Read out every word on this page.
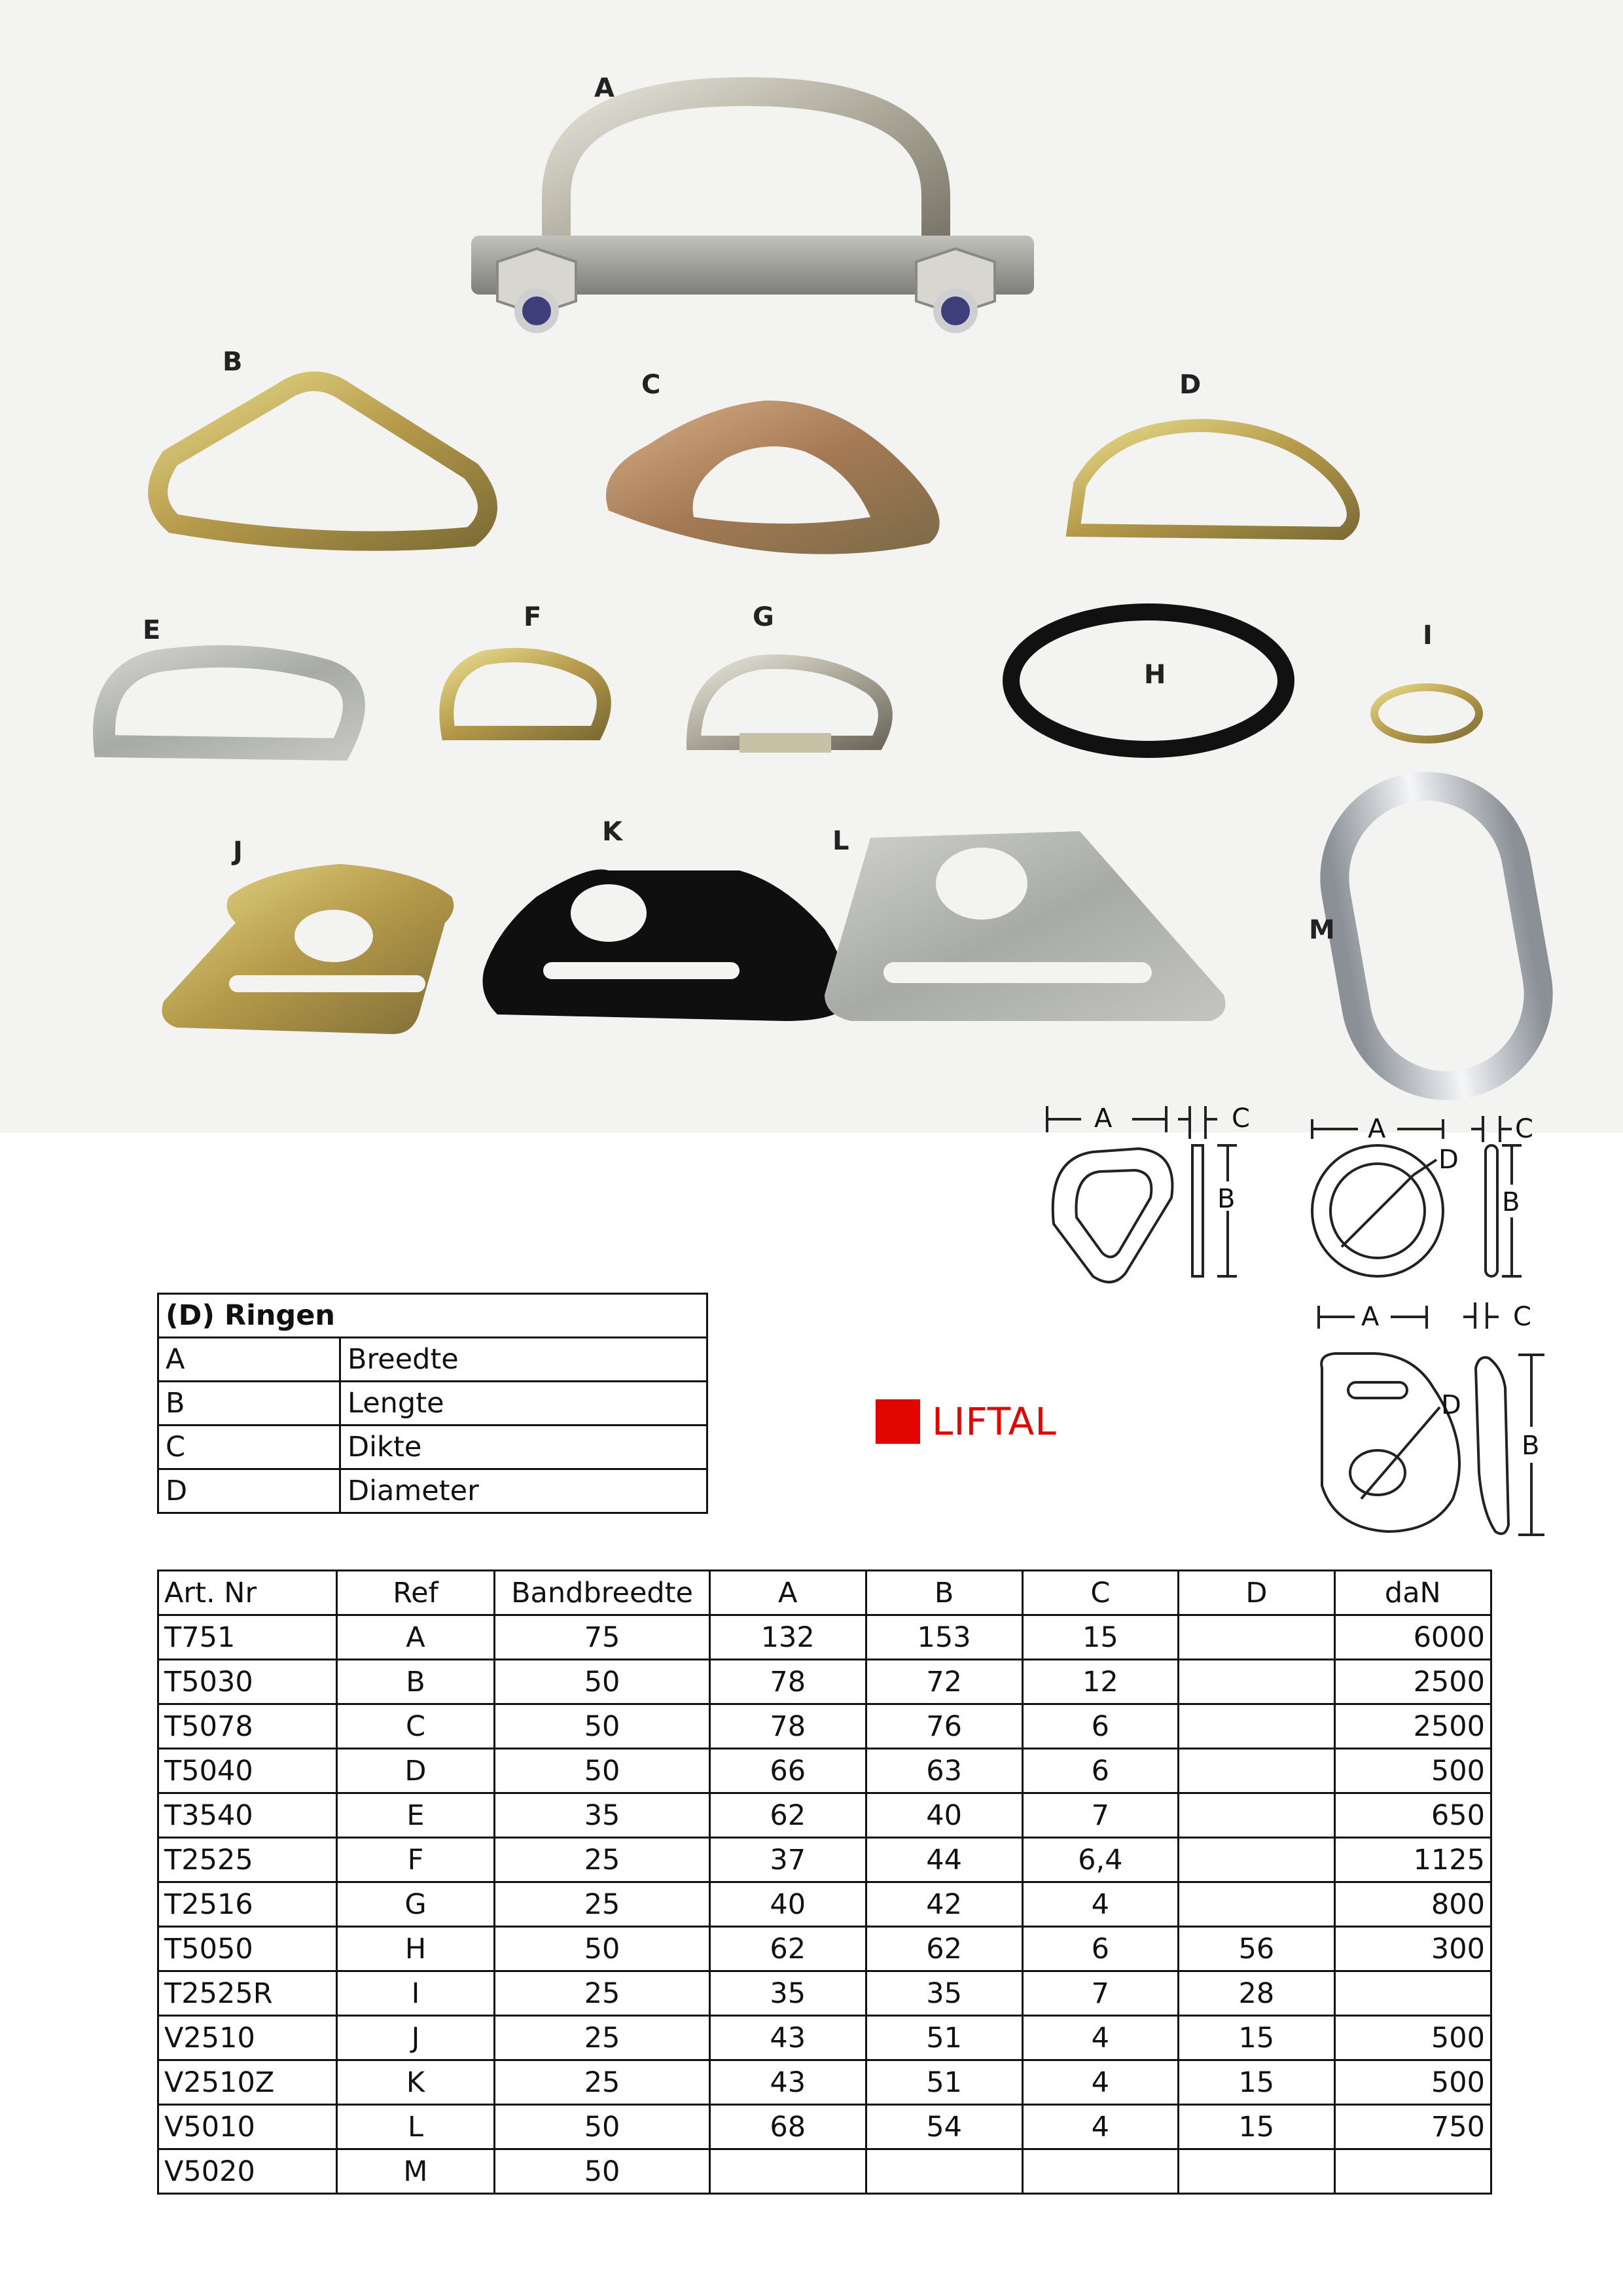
A
B
C	D
E	F	G
H
I
J
K	L
M
A	C
B
A	C
B
D
A	C
B
D
(D) Ringen	
A	Breedte
B	Lengte
C	Dikte
D	Diameter
LIFTAL
Art. Nr	Ref	Bandbreedte	A	B	C	D	daN
T751	A	75	132	153	15		6000
T5030	B	50	78	72	12		2500
T5078	C	50	78	76	6		2500
T5040	D	50	66	63	6		500
T3540	E	35	62	40	7		650
T2525	F	25	37	44	6,4		1125
T2516	G	25	40	42	4		800
T5050	H	50	62	62	6	56	300
T2525R	I	25	35	35	7	28	
V2510	J	25	43	51	4	15	500
V2510Z	K	25	43	51	4	15	500
V5010	L	50	68	54	4	15	750
V5020	M	50					
